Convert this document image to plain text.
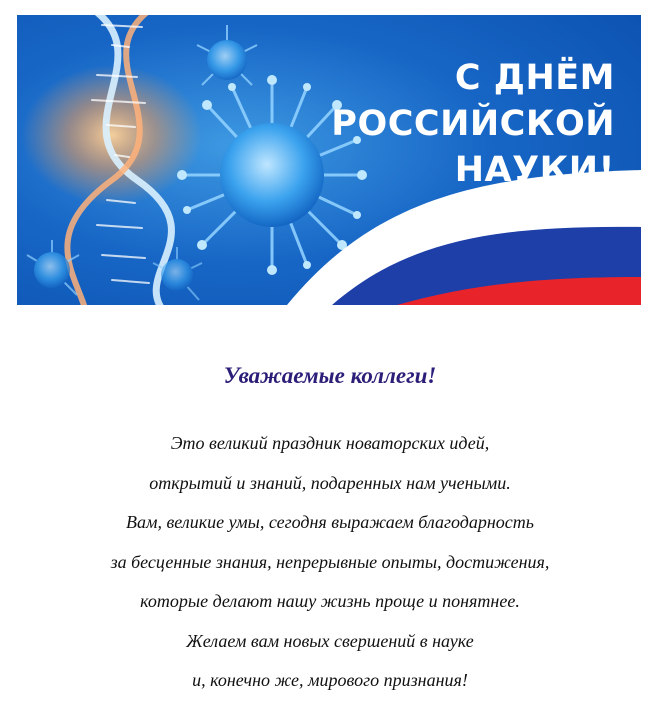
С ДНЁМ
РОССИЙСКОЙ
НАУКИ!
Уважаемые коллеги!
Это великий праздник новаторских идей,
открытий и знаний, подаренных нам учеными.
Вам, великие умы, сегодня выражаем благодарность
за бесценные знания, непрерывные опыты, достижения,
которые делают нашу жизнь проще и понятнее.
Желаем вам новых свершений в науке
и, конечно же, мирового признания!
